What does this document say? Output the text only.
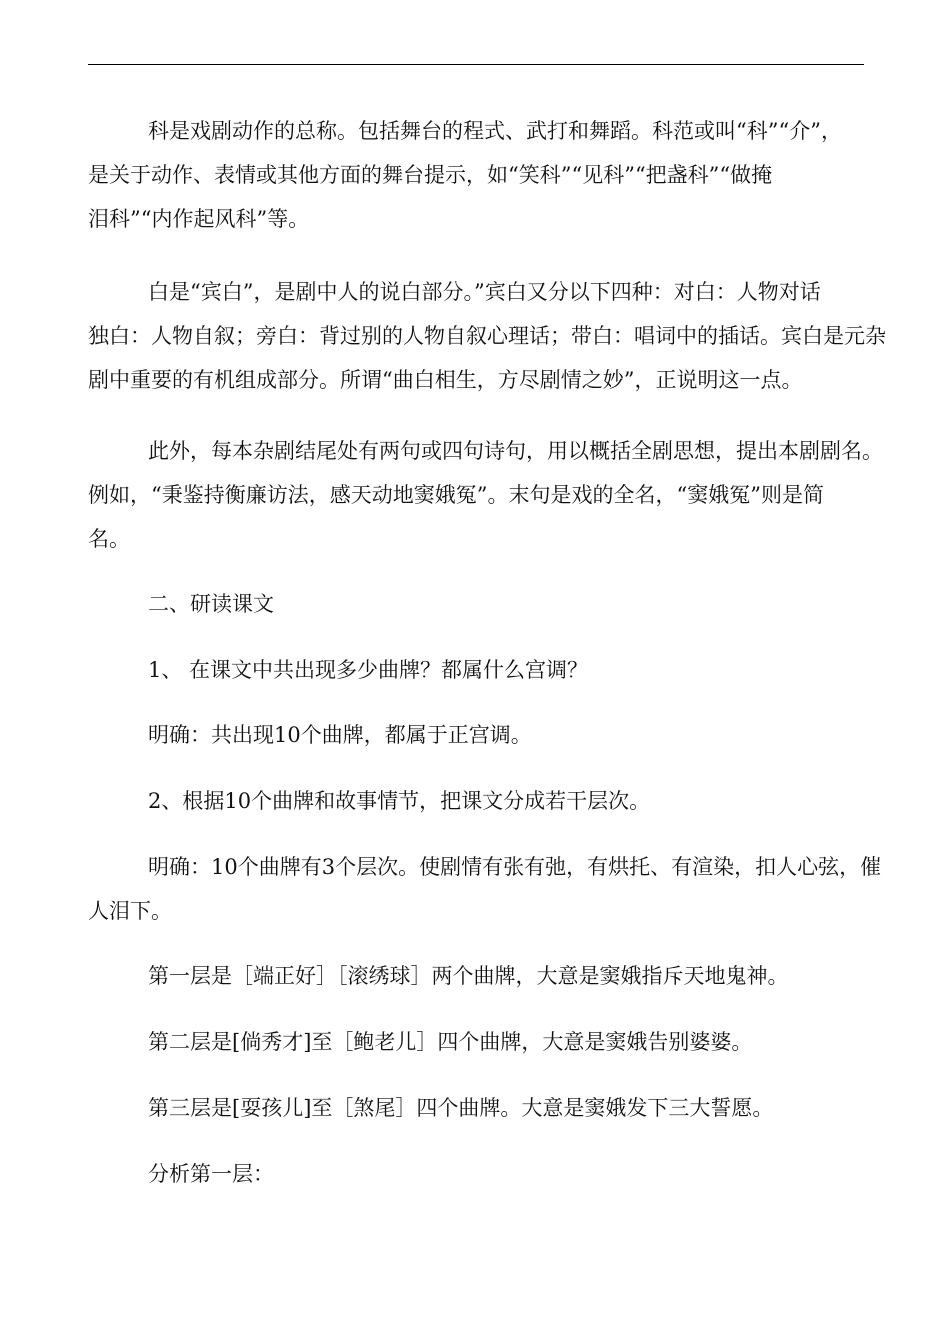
科是戏剧动作的总称。包括舞台的程式、武打和舞蹈。科范或叫“科”“介”，
是关于动作、表情或其他方面的舞台提示，如“笑科”“见科”“把盏科”“做掩
泪科”“内作起风科”等。
白是“宾白”，是剧中人的说白部分。”宾白又分以下四种：对白：人物对话
独白：人物自叙；旁白：背过别的人物自叙心理话；带白：唱词中的插话。宾白是元杂
剧中重要的有机组成部分。所谓“曲白相生，方尽剧情之妙”，正说明这一点。
此外，每本杂剧结尾处有两句或四句诗句，用以概括全剧思想，提出本剧剧名。
例如，“秉鉴持衡廉访法，感天动地窦娥冤”。末句是戏的全名，“窦娥冤”则是简
名。
二、研读课文
1、 在课文中共出现多少曲牌？都属什么宫调？
明确：共出现10个曲牌，都属于正宫调。
2、根据10个曲牌和故事情节，把课文分成若干层次。
明确：10个曲牌有3个层次。使剧情有张有弛，有烘托、有渲染，扣人心弦，催
人泪下。
第一层是［端正好］［滚绣球］两个曲牌，大意是窦娥指斥天地鬼神。
第二层是[倘秀才]至［鲍老儿］四个曲牌，大意是窦娥告别婆婆。
第三层是[耍孩儿]至［煞尾］四个曲牌。大意是窦娥发下三大誓愿。
分析第一层：
